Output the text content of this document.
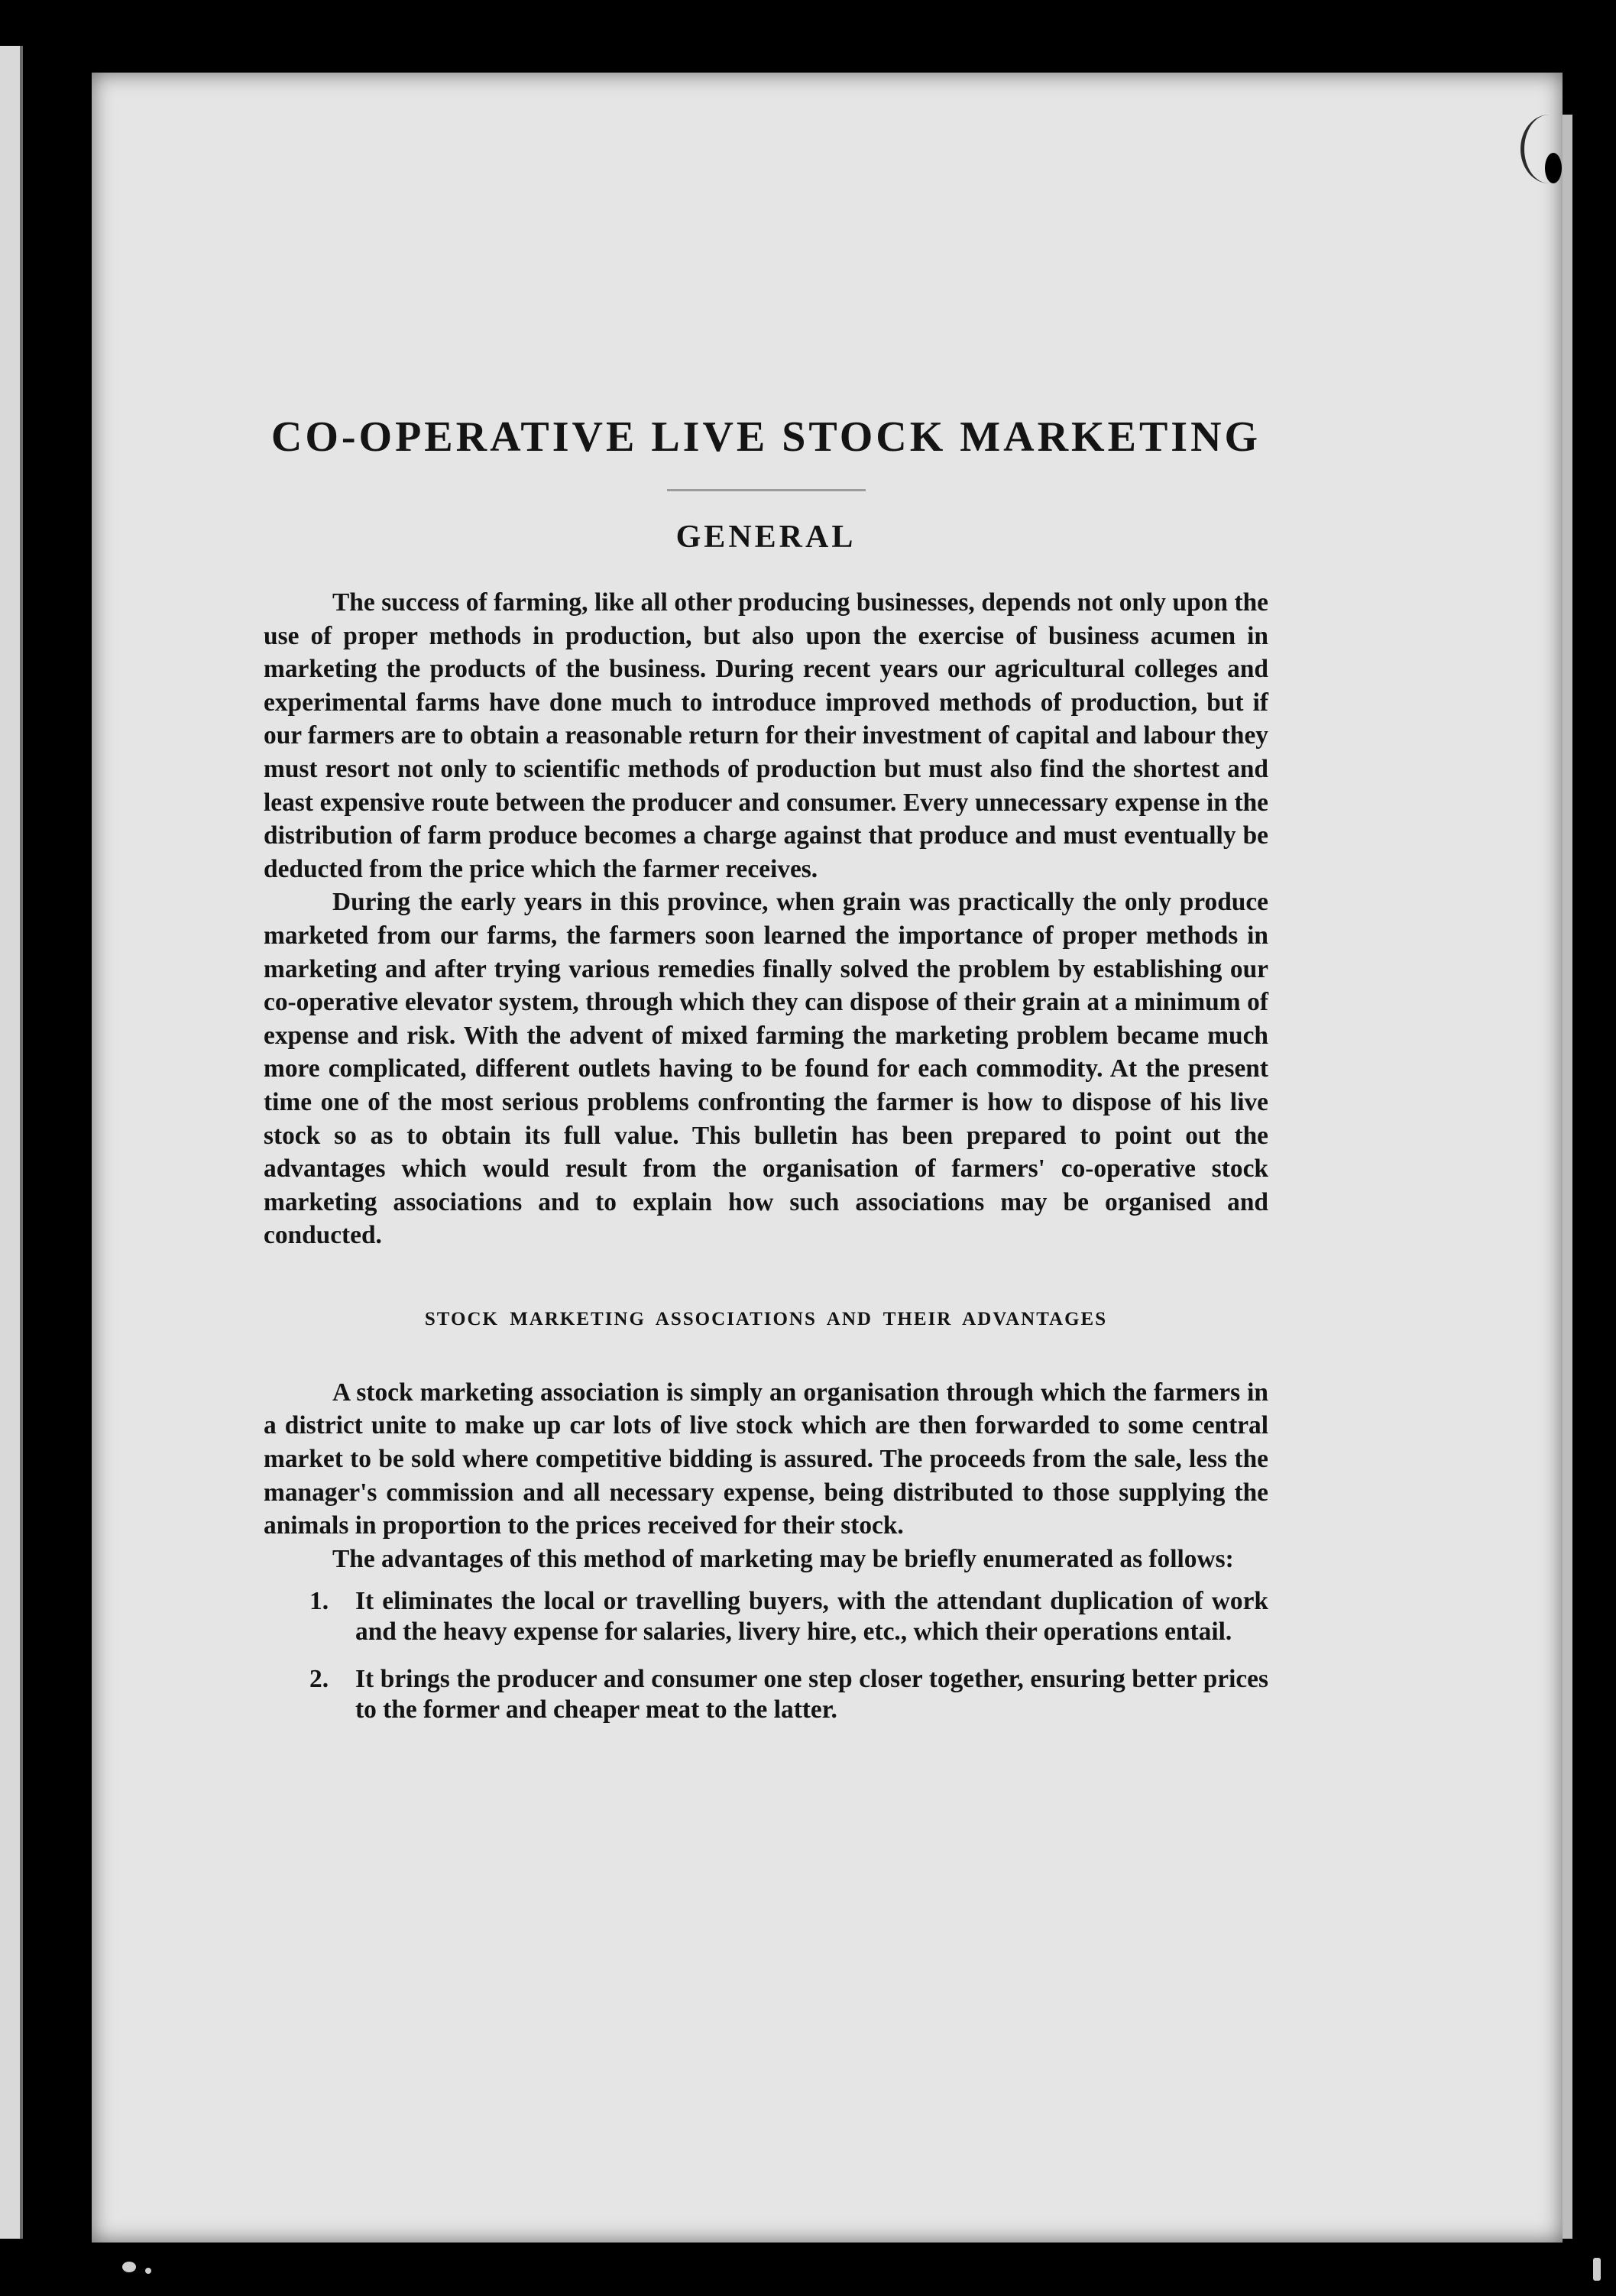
CO-OPERATIVE LIVE STOCK MARKETING
GENERAL

The success of farming, like all other producing businesses, depends not only upon the use of proper methods in production, but also upon the exercise of business acumen in marketing the products of the business. During recent years our agricultural colleges and experimental farms have done much to introduce improved methods of production, but if our farmers are to obtain a reasonable return for their investment of capital and labour they must resort not only to scientific methods of production but must also find the shortest and least expensive route between the producer and consumer. Every unnecessary expense in the distribution of farm produce becomes a charge against that produce and must eventually be deducted from the price which the farmer receives.

During the early years in this province, when grain was practically the only produce marketed from our farms, the farmers soon learned the importance of proper methods in marketing and after trying various remedies finally solved the problem by establishing our co-operative elevator system, through which they can dispose of their grain at a minimum of expense and risk. With the advent of mixed farming the marketing problem became much more complicated, different outlets having to be found for each commodity. At the present time one of the most serious problems confronting the farmer is how to dispose of his live stock so as to obtain its full value. This bulletin has been prepared to point out the advantages which would result from the organisation of farmers' co-operative stock marketing associations and to explain how such associations may be organised and conducted.

STOCK MARKETING ASSOCIATIONS AND THEIR ADVANTAGES

A stock marketing association is simply an organisation through which the farmers in a district unite to make up car lots of live stock which are then forwarded to some central market to be sold where competitive bidding is assured. The proceeds from the sale, less the manager's commission and all necessary expense, being distributed to those supplying the animals in proportion to the prices received for their stock.

The advantages of this method of marketing may be briefly enumerated as follows:

1. It eliminates the local or travelling buyers, with the attendant duplication of work and the heavy expense for salaries, livery hire, etc., which their operations entail.
2. It brings the producer and consumer one step closer together, ensuring better prices to the former and cheaper meat to the latter.
